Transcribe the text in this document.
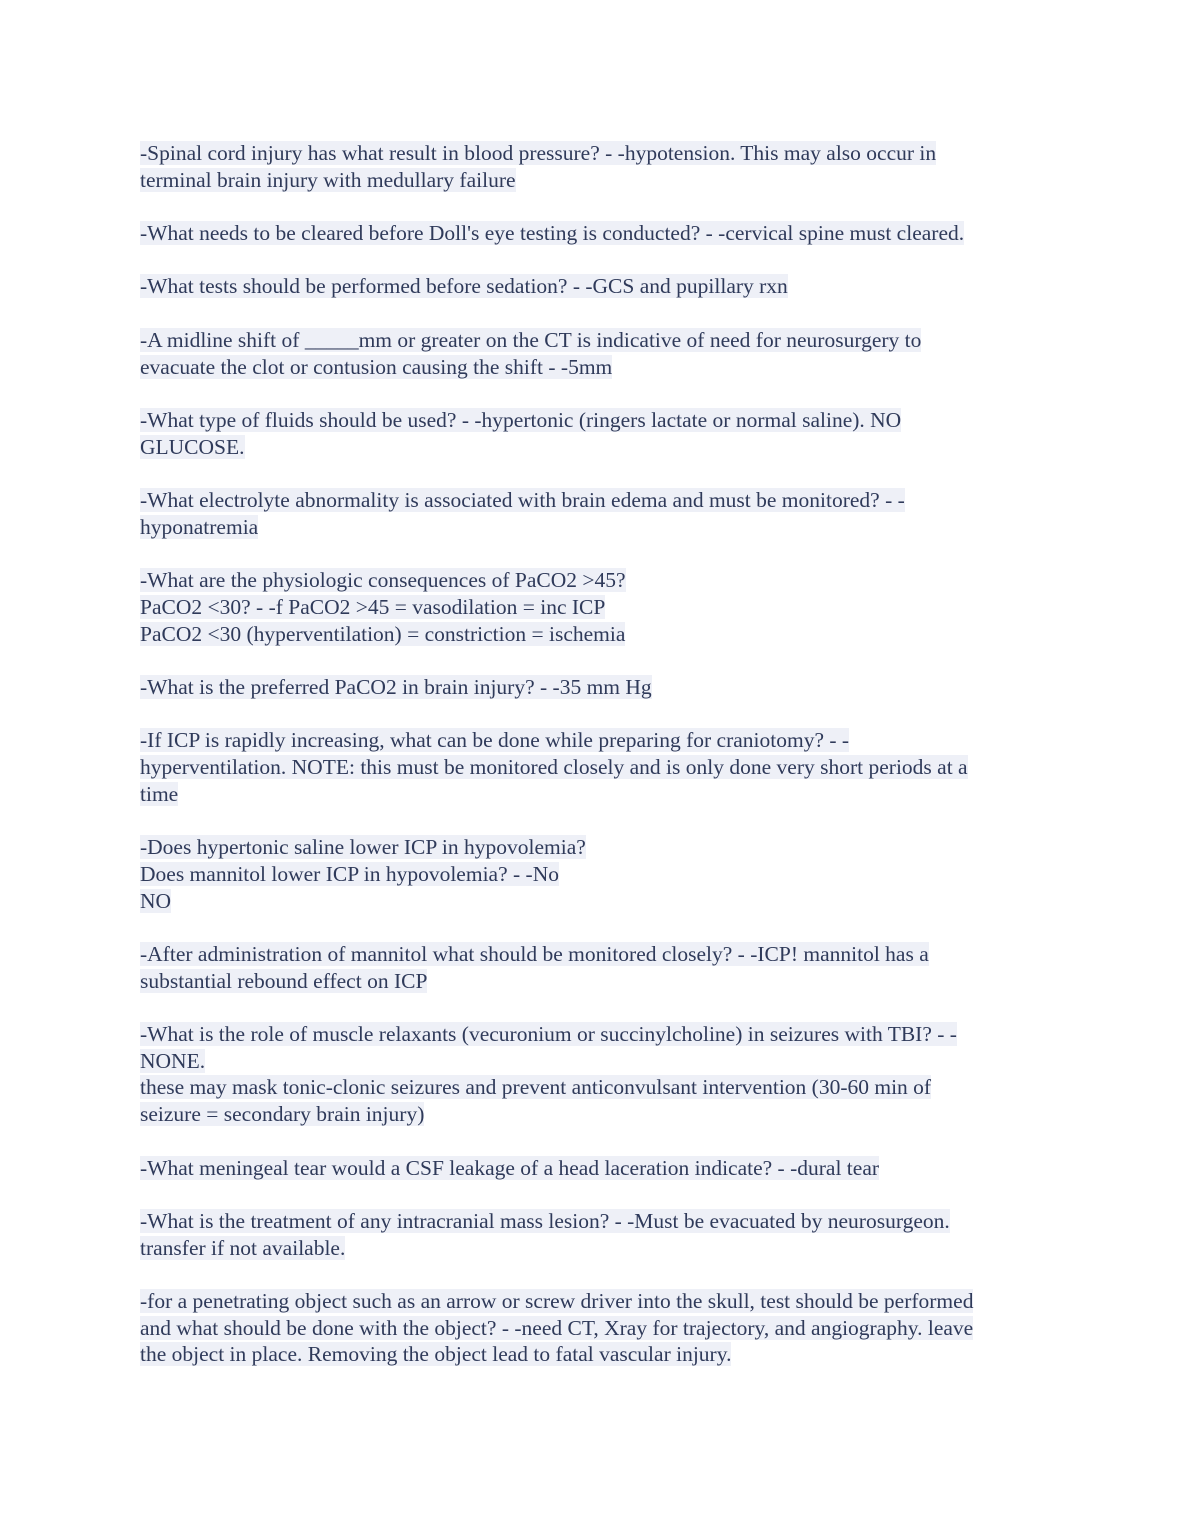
-Spinal cord injury has what result in blood pressure? - -hypotension. This may also occur in
terminal brain injury with medullary failure
-What needs to be cleared before Doll's eye testing is conducted? - -cervical spine must cleared.
-What tests should be performed before sedation? - -GCS and pupillary rxn
-A midline shift of _____mm or greater on the CT is indicative of need for neurosurgery to
evacuate the clot or contusion causing the shift - -5mm
-What type of fluids should be used? - -hypertonic (ringers lactate or normal saline). NO
GLUCOSE.
-What electrolyte abnormality is associated with brain edema and must be monitored? - -
hyponatremia
-What are the physiologic consequences of PaCO2 >45?
PaCO2 <30? - -f PaCO2 >45 = vasodilation = inc ICP
PaCO2 <30 (hyperventilation) = constriction = ischemia
-What is the preferred PaCO2 in brain injury? - -35 mm Hg
-If ICP is rapidly increasing, what can be done while preparing for craniotomy? - -
hyperventilation. NOTE: this must be monitored closely and is only done very short periods at a
time
-Does hypertonic saline lower ICP in hypovolemia?
Does mannitol lower ICP in hypovolemia? - -No
NO
-After administration of mannitol what should be monitored closely? - -ICP! mannitol has a
substantial rebound effect on ICP
-What is the role of muscle relaxants (vecuronium or succinylcholine) in seizures with TBI? - -
NONE.
these may mask tonic-clonic seizures and prevent anticonvulsant intervention (30-60 min of
seizure = secondary brain injury)
-What meningeal tear would a CSF leakage of a head laceration indicate? - -dural tear
-What is the treatment of any intracranial mass lesion? - -Must be evacuated by neurosurgeon.
transfer if not available.
-for a penetrating object such as an arrow or screw driver into the skull, test should be performed
and what should be done with the object? - -need CT, Xray for trajectory, and angiography. leave
the object in place. Removing the object lead to fatal vascular injury.
